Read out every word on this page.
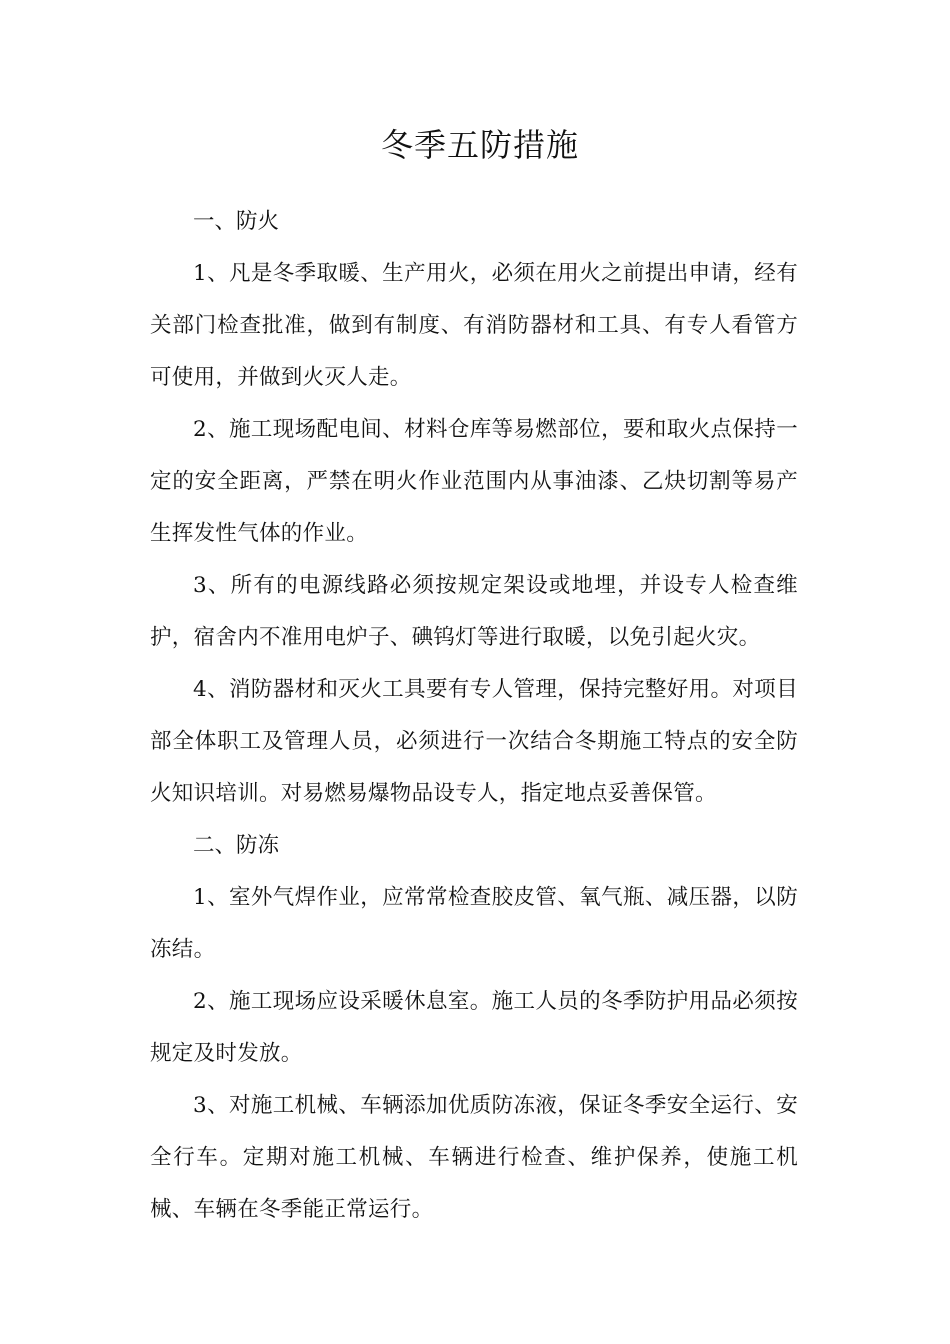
冬季五防措施

一、防火

1、凡是冬季取暖、生产用火，必须在用火之前提出申请，经有关部门检查批准，做到有制度、有消防器材和工具、有专人看管方可使用，并做到火灭人走。

2、施工现场配电间、材料仓库等易燃部位，要和取火点保持一定的安全距离，严禁在明火作业范围内从事油漆、乙炔切割等易产生挥发性气体的作业。

3、所有的电源线路必须按规定架设或地埋，并设专人检查维护，宿舍内不准用电炉子、碘钨灯等进行取暖，以免引起火灾。

4、消防器材和灭火工具要有专人管理，保持完整好用。对项目部全体职工及管理人员，必须进行一次结合冬期施工特点的安全防火知识培训。对易燃易爆物品设专人，指定地点妥善保管。

二、防冻

1、室外气焊作业，应常常检查胶皮管、氧气瓶、减压器，以防冻结。

2、施工现场应设采暖休息室。施工人员的冬季防护用品必须按规定及时发放。

3、对施工机械、车辆添加优质防冻液，保证冬季安全运行、安全行车。定期对施工机械、车辆进行检查、维护保养，使施工机械、车辆在冬季能正常运行。
